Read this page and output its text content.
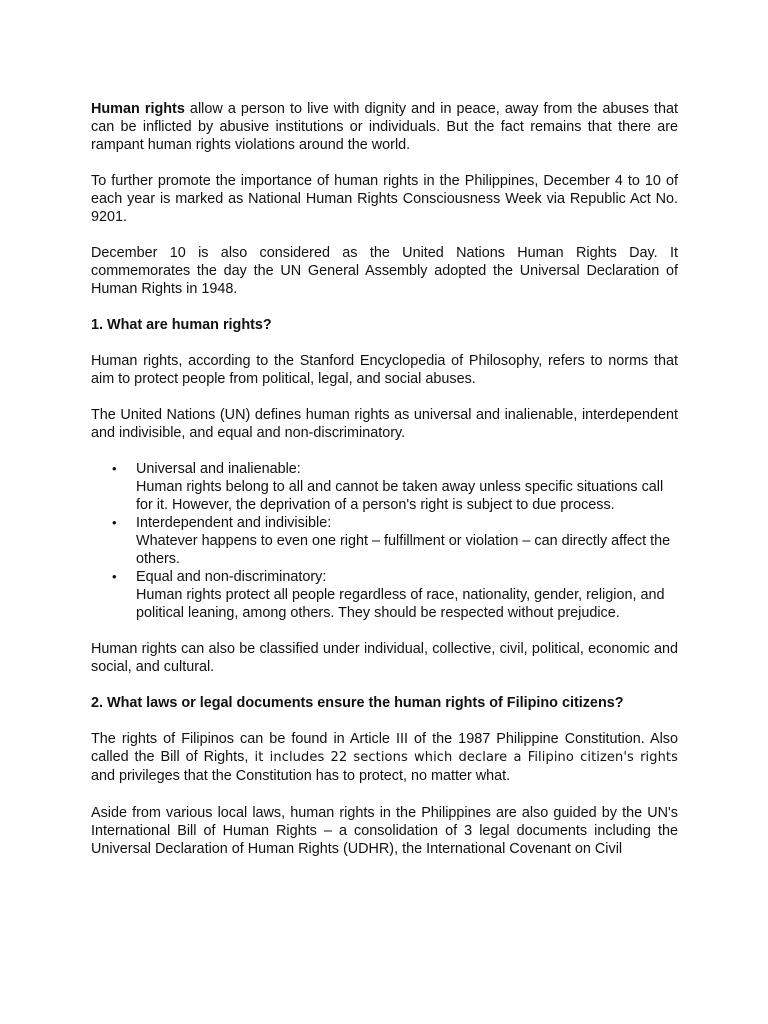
Human rights allow a person to live with dignity and in peace, away from the abuses that can be inflicted by abusive institutions or individuals. But the fact remains that there are rampant human rights violations around the world.

To further promote the importance of human rights in the Philippines, December 4 to 10 of each year is marked as National Human Rights Consciousness Week via Republic Act No. 9201.

December 10 is also considered as the United Nations Human Rights Day. It commemorates the day the UN General Assembly adopted the Universal Declaration of Human Rights in 1948.

1. What are human rights?

Human rights, according to the Stanford Encyclopedia of Philosophy, refers to norms that aim to protect people from political, legal, and social abuses.

The United Nations (UN) defines human rights as universal and inalienable, interdependent and indivisible, and equal and non-discriminatory.

• Universal and inalienable:
Human rights belong to all and cannot be taken away unless specific situations call for it. However, the deprivation of a person's right is subject to due process.
• Interdependent and indivisible:
Whatever happens to even one right – fulfillment or violation – can directly affect the others.
• Equal and non-discriminatory:
Human rights protect all people regardless of race, nationality, gender, religion, and political leaning, among others. They should be respected without prejudice.

Human rights can also be classified under individual, collective, civil, political, economic and social, and cultural.

2. What laws or legal documents ensure the human rights of Filipino citizens?

The rights of Filipinos can be found in Article III of the 1987 Philippine Constitution. Also called the Bill of Rights, it includes 22 sections which declare a Filipino citizen's rights and privileges that the Constitution has to protect, no matter what.

Aside from various local laws, human rights in the Philippines are also guided by the UN's International Bill of Human Rights – a consolidation of 3 legal documents including the Universal Declaration of Human Rights (UDHR), the International Covenant on Civil
